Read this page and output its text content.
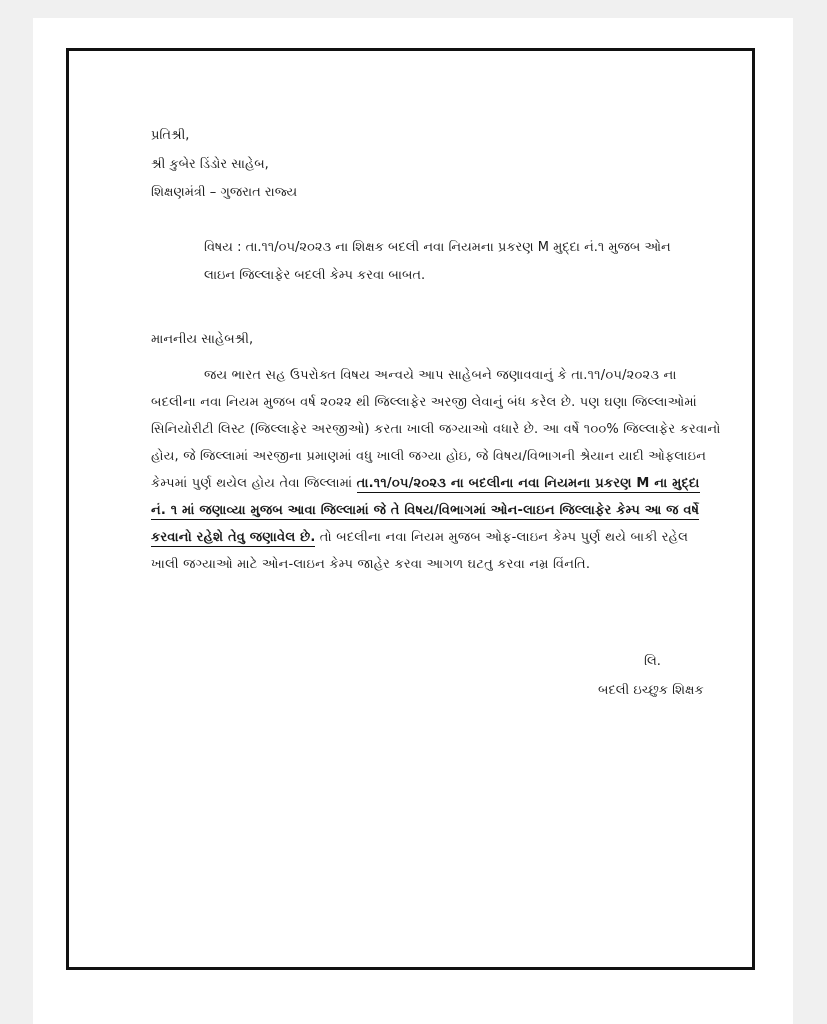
પ્રતિશ્રી,
શ્રી કુબેર ડિંડોર સાહેબ,
શિક્ષણમંત્રી – ગુજરાત રાજ્ય
વિષય : તા.૧૧/૦૫/૨૦૨૩ ના શિક્ષક બદલી નવા નિયમના પ્રકરણ M મુદ્દા નં.૧ મુજબ ઓન
લાઇન જિલ્લાફેર બદલી કેમ્પ કરવા બાબત.
માનનીય સાહેબશ્રી,
જય ભારત સહ ઉપરોક્ત વિષય અન્વયે આપ સાહેબને જણાવવાનું કે તા.૧૧/૦૫/૨૦૨૩ ના
બદલીના નવા નિયમ મુજબ વર્ષ ૨૦૨૨ થી જિલ્લાફેર અરજી લેવાનું બંધ કરેલ છે. પણ ઘણા જિલ્લાઓમાં
સિનિયોરીટી લિસ્ટ (જિલ્લાફેર અરજીઓ) કરતા ખાલી જગ્યાઓ વધારે છે. આ વર્ષે ૧૦૦% જિલ્લાફેર કરવાનો
હોય, જે જિલ્લામાં અરજીના પ્રમાણમાં વધુ ખાલી જગ્યા હોઇ, જે વિષય/વિભાગની શ્રેયાન યાદી ઓફલાઇન
કેમ્પમાં પુર્ણ થયેલ હોય તેવા જિલ્લામાં તા.૧૧/૦૫/૨૦૨૩ ના બદલીના નવા નિયમના પ્રકરણ M ના મુદ્દા
નં. ૧ માં જણાવ્યા મુજબ આવા જિલ્લામાં જે તે વિષય/વિભાગમાં ઓન-લાઇન જિલ્લાફેર કેમ્પ આ જ વર્ષે
કરવાનો રહેશે તેવુ જણાવેલ છે. તો બદલીના નવા નિયમ મુજબ ઓફ-લાઇન કેમ્પ પુર્ણ થયે બાકી રહેલ
ખાલી જગ્યાઓ માટે ઓન-લાઇન કેમ્પ જાહેર કરવા આગળ ઘટતુ કરવા નમ્ર વિંનતિ.
લિ.
બદલી ઇચ્છુક શિક્ષક
